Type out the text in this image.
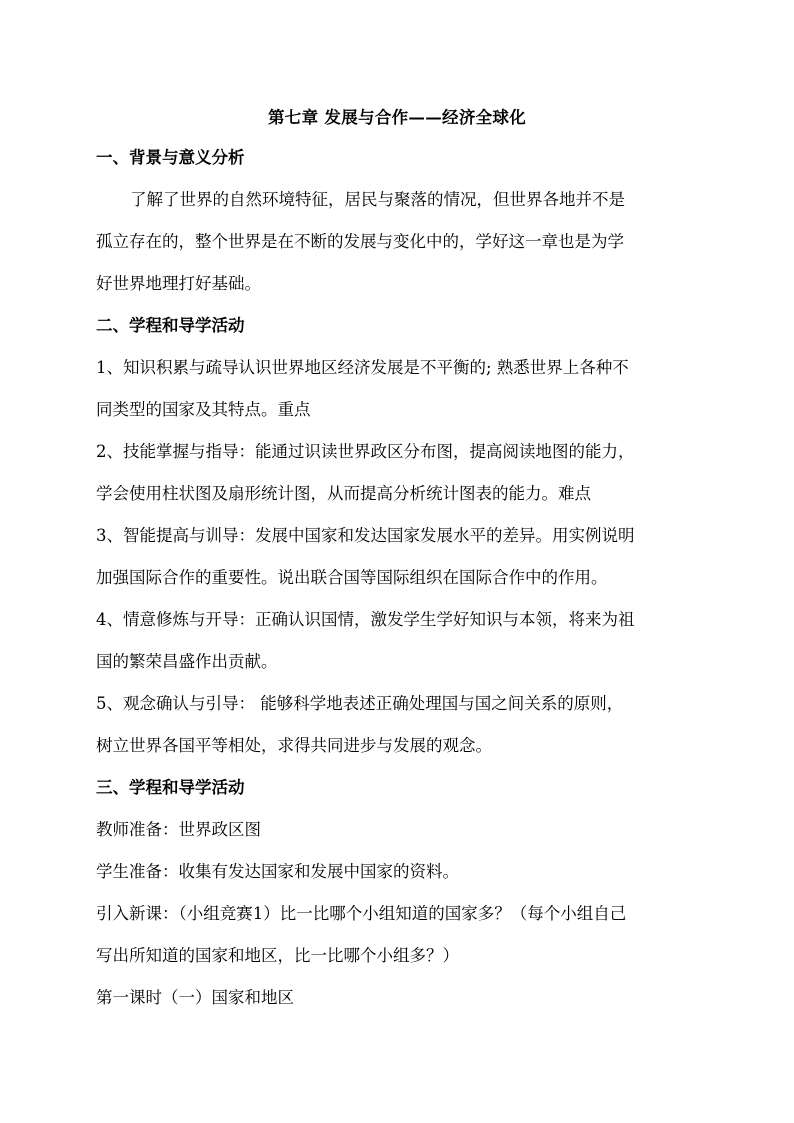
第七章 发展与合作——经济全球化
一、背景与意义分析
了解了世界的自然环境特征，居民与聚落的情况，但世界各地并不是
孤立存在的，整个世界是在不断的发展与变化中的，学好这一章也是为学
好世界地理打好基础。
二、学程和导学活动
1、知识积累与疏导认识世界地区经济发展是不平衡的; 熟悉世界上各种不
同类型的国家及其特点。重点
2、技能掌握与指导：能通过识读世界政区分布图，提高阅读地图的能力，
学会使用柱状图及扇形统计图，从而提高分析统计图表的能力。难点
3、智能提高与训导：发展中国家和发达国家发展水平的差异。用实例说明
加强国际合作的重要性。说出联合国等国际组织在国际合作中的作用。
4、情意修炼与开导：正确认识国情，激发学生学好知识与本领，将来为祖
国的繁荣昌盛作出贡献。
5、观念确认与引导： 能够科学地表述正确处理国与国之间关系的原则，
树立世界各国平等相处，求得共同进步与发展的观念。
三、学程和导学活动
教师准备：世界政区图
学生准备：收集有发达国家和发展中国家的资料。
引入新课：（小组竞赛1）比一比哪个小组知道的国家多？（每个小组自己
写出所知道的国家和地区，比一比哪个小组多？）
第一课时（一）国家和地区
